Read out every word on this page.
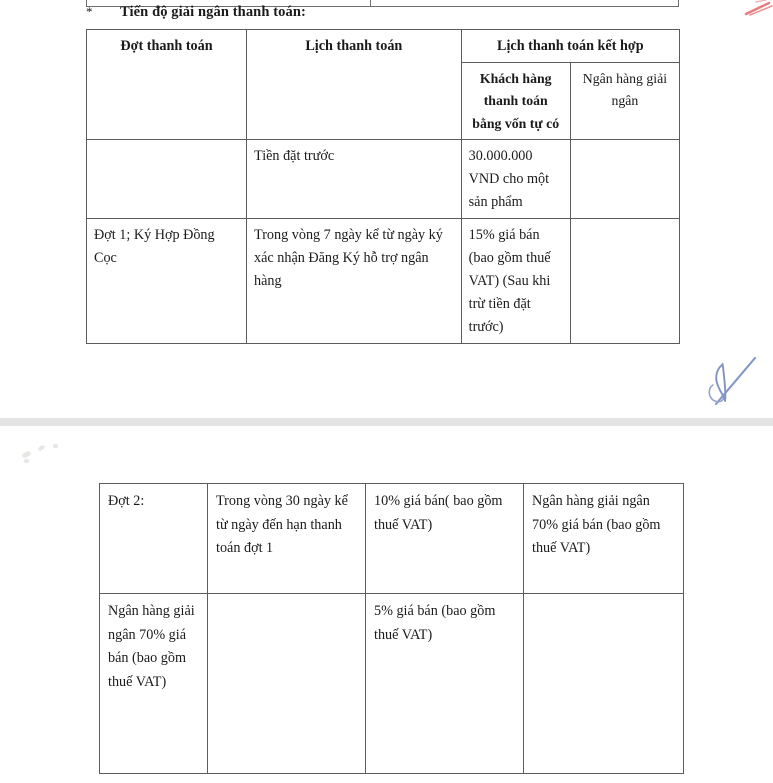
* Tiến độ giải ngân thanh toán:
Đợt thanh toán	Lịch thanh toán	Lịch thanh toán kết hợp	
		Khách hàng thanh toán bằng vốn tự có	Ngân hàng giải ngân
	Tiền đặt trước	30.000.000 VND cho một sản phẩm	
Đợt 1; Ký Hợp Đồng Cọc	Trong vòng 7 ngày kể từ ngày ký xác nhận Đăng Ký hỗ trợ ngân hàng	15% giá bán (bao gồm thuế VAT) (Sau khi trừ tiền đặt trước)	
Đợt 2:	Trong vòng 30 ngày kể từ ngày đến hạn thanh toán đợt 1	10% giá bán( bao gồm thuế VAT)	Ngân hàng giải ngân 70% giá bán (bao gồm thuế VAT)
Ngân hàng giải ngân 70% giá bán (bao gồm thuế VAT)		5% giá bán (bao gồm thuế VAT)	
